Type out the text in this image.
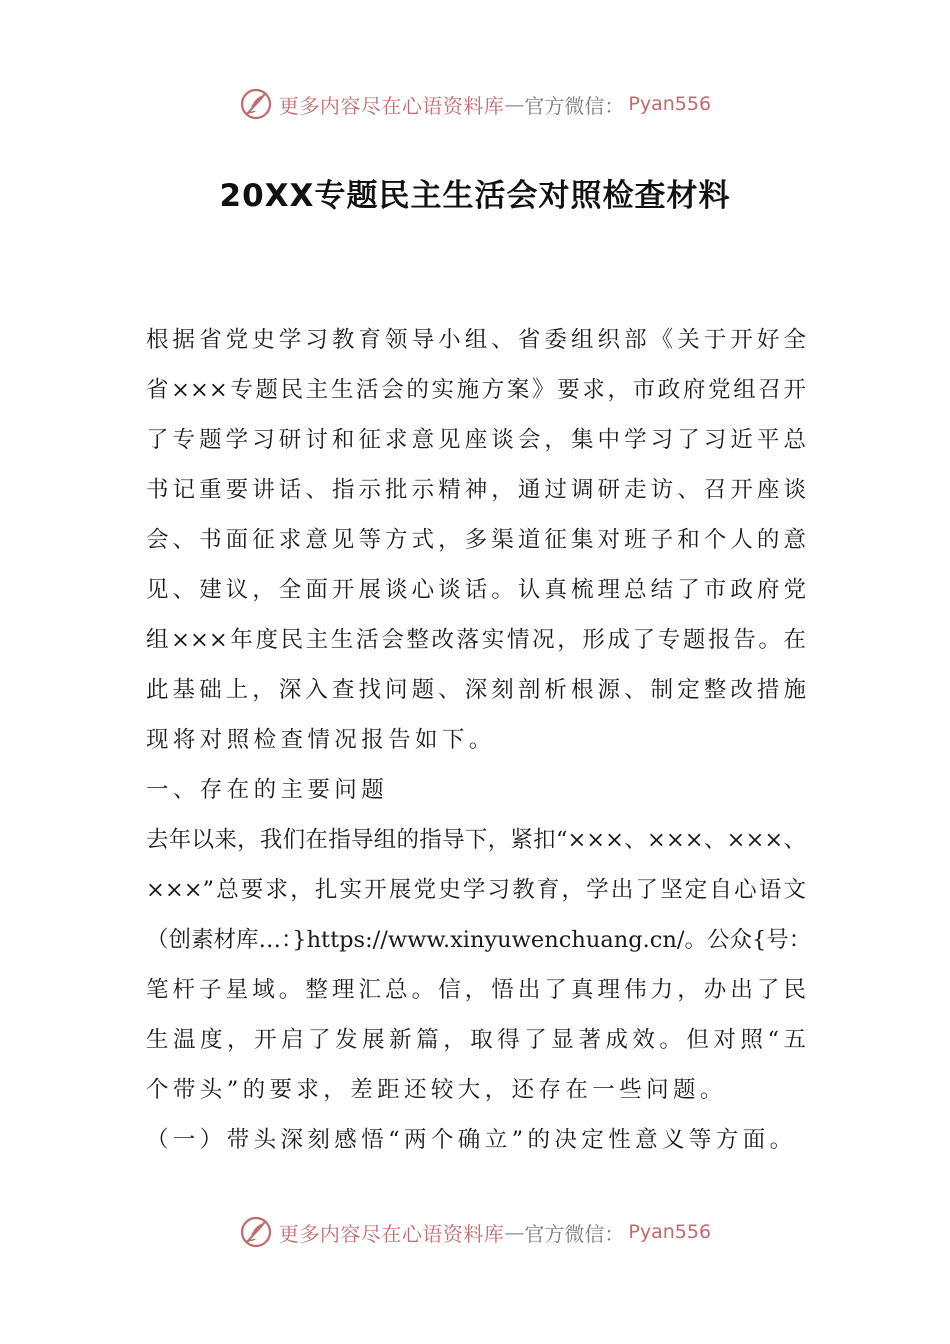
更多内容尽在心语资料库 — 官方微信： Pyan556
20XX专题民主生活会对照检查材料
根据省党史学习教育领导小组、省委组织部《关于开好全
省×××专题民主生活会的实施方案》要求，市政府党组召开
了专题学习研讨和征求意见座谈会，集中学习了习近平总
书记重要讲话、指示批示精神，通过调研走访、召开座谈
会、书面征求意见等方式，多渠道征集对班子和个人的意
见、建议，全面开展谈心谈话。认真梳理总结了市政府党
组×××年度民主生活会整改落实情况，形成了专题报告。在
此基础上，深入查找问题、深刻剖析根源、制定整改措施
现将对照检查情况报告如下。
一、存在的主要问题
去年以来，我们在指导组的指导下，紧扣“×××、×××、×××、
×××”总要求，扎实开展党史学习教育，学出了坚定自心语文
（创素材库…：}https://www.xinyuwenchuang.cn/。公众{号：
笔杆子星域。整理汇总。信，悟出了真理伟力，办出了民
生温度，开启了发展新篇，取得了显著成效。但对照“五
个带头”的要求，差距还较大，还存在一些问题。
（一）带头深刻感悟“两个确立”的决定性意义等方面。
更多内容尽在心语资料库 — 官方微信： Pyan556
